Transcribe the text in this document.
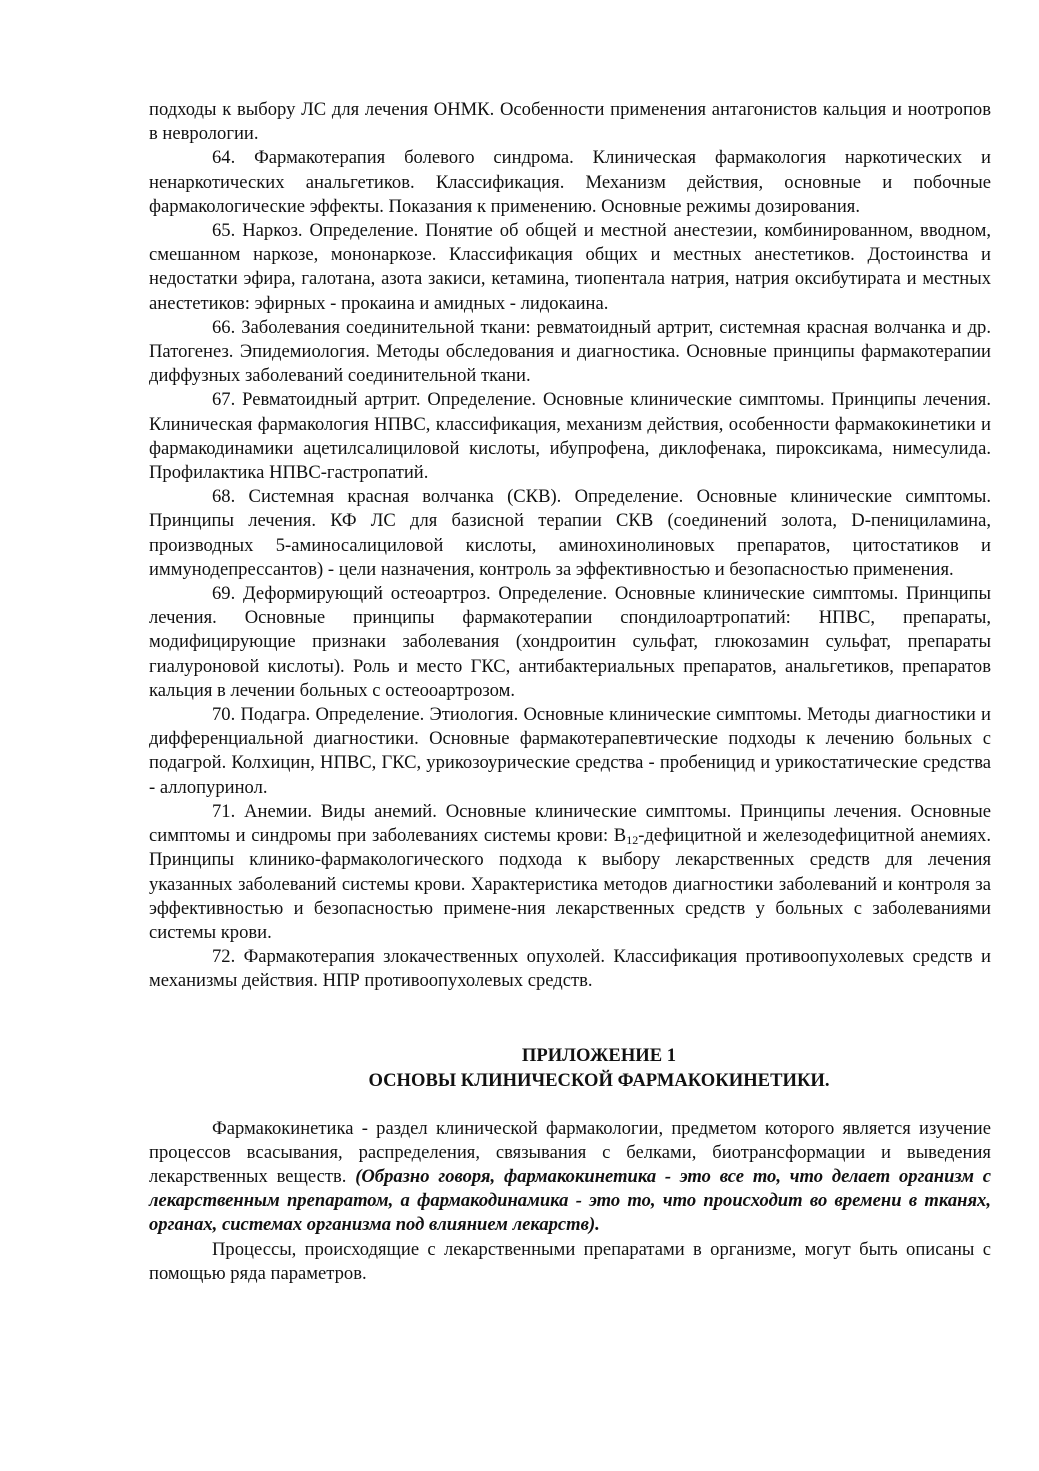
подходы к выбору ЛС для лечения ОНМК. Особенности применения антагонистов кальция и ноотропов в неврологии.

64. Фармакотерапия болевого синдрома. Клиническая фармакология наркотических и ненаркотических анальгетиков. Классификация. Механизм действия, основные и побочные фармакологические эффекты. Показания к применению. Основные режимы дозирования.

65. Наркоз. Определение. Понятие об общей и местной анестезии, комбинированном, вводном, смешанном наркозе, мононаркозе. Классификация общих и местных анестетиков. Достоинства и недостатки эфира, галотана, азота закиси, кетамина, тиопентала натрия, натрия оксибутирата и местных анестетиков: эфирных - прокаина и амидных - лидокаина.

66. Заболевания соединительной ткани: ревматоидный артрит, системная красная волчанка и др. Патогенез. Эпидемиология. Методы обследования и диагностика. Основные принципы фармакотерапии диффузных заболеваний соединительной ткани.

67. Ревматоидный артрит. Определение. Основные клинические симптомы. Принципы лечения. Клиническая фармакология НПВС, классификация, механизм действия, особенности фармакокинетики и фармакодинамики ацетилсалициловой кислоты, ибупрофена, диклофенака, пироксикама, нимесулида. Профилактика НПВС-гастропатий.

68. Системная красная волчанка (СКВ). Определение. Основные клинические симптомы. Принципы лечения. КФ ЛС для базисной терапии СКВ (соединений золота, D-пенициламина, производных 5-аминосалициловой кислоты, аминохинолиновых препаратов, цитостатиков и иммунодепрессантов) - цели назначения, контроль за эффективностью и безопасностью применения.

69. Деформирующий остеоартроз. Определение. Основные клинические симптомы. Принципы лечения. Основные принципы фармакотерапии спондилоартропатий: НПВС, препараты, модифицирующие признаки заболевания (хондроитин сульфат, глюкозамин сульфат, препараты гиалуроновой кислоты). Роль и место ГКС, антибактериальных препаратов, анальгетиков, препаратов кальция в лечении больных с остеооартрозом.

70. Подагра. Определение. Этиология. Основные клинические симптомы. Методы диагностики и дифференциальной диагностики. Основные фармакотерапевтические подходы к лечению больных с подагрой. Колхицин, НПВС, ГКС, урикозоурические средства - пробеницид и урикостатические средства - аллопуринол.

71. Анемии. Виды анемий. Основные клинические симптомы. Принципы лечения. Основные симптомы и синдромы при заболеваниях системы крови: $В_{12}$-дефицитной и железодефицитной анемиях. Принципы клинико-фармакологического подхода к выбору лекарственных средств для лечения указанных заболеваний системы крови. Характеристика методов диагностики заболеваний и контроля за эффективностью и безопасностью примене-ния лекарственных средств у больных с заболеваниями системы крови.

72. Фармакотерапия злокачественных опухолей. Классификация противоопухолевых средств и механизмы действия. НПР противоопухолевых средств.

ПРИЛОЖЕНИЕ 1
ОСНОВЫ КЛИНИЧЕСКОЙ ФАРМАКОКИНЕТИКИ.

Фармакокинетика - раздел клинической фармакологии, предметом которого является изучение процессов всасывания, распределения, связывания с белками, биотрансформации и выведения лекарственных веществ. (Образно говоря, фармакокинетика - это все то, что делает организм с лекарственным препаратом, а фармакодинамика - это то, что происходит во времени в тканях, органах, системах организма под влиянием лекарств).

Процессы, происходящие с лекарственными препаратами в организме, могут быть описаны с помощью ряда параметров.
